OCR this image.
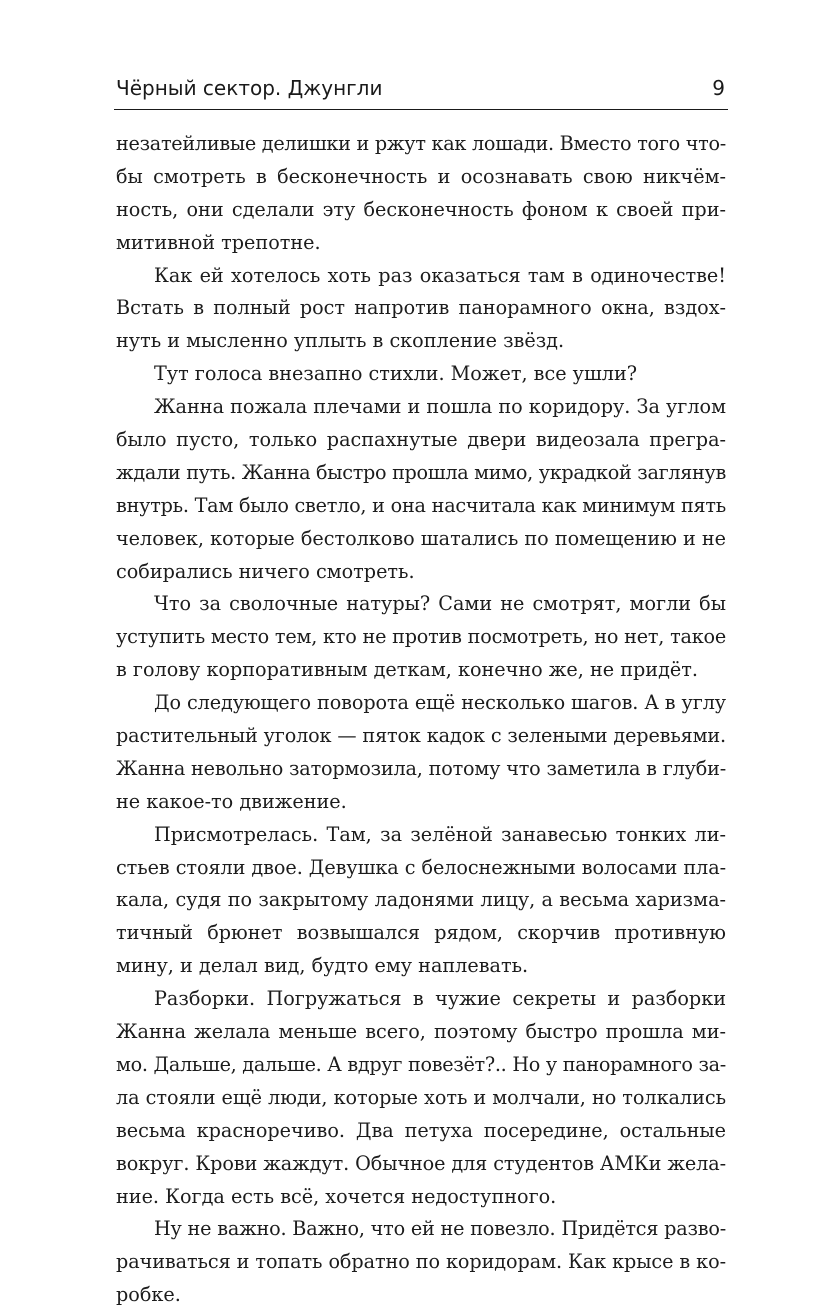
Чёрный сектор. Джунгли	9
незатейливые делишки и ржут как лошади. Вместо того что-
бы смотреть в бесконечность и осознавать свою никчём-
ность, они сделали эту бесконечность фоном к своей при-
митивной трепотне.
Как ей хотелось хоть раз оказаться там в одиночестве!
Встать в полный рост напротив панорамного окна, вздох-
нуть и мысленно уплыть в скопление звёзд.
Тут голоса внезапно стихли. Может, все ушли?
Жанна пожала плечами и пошла по коридору. За углом
было пусто, только распахнутые двери видеозала прегра-
ждали путь. Жанна быстро прошла мимо, украдкой заглянув
внутрь. Там было светло, и она насчитала как минимум пять
человек, которые бестолково шатались по помещению и не
собирались ничего смотреть.
Что за сволочные натуры? Сами не смотрят, могли бы
уступить место тем, кто не против посмотреть, но нет, такое
в голову корпоративным деткам, конечно же, не придёт.
До следующего поворота ещё несколько шагов. А в углу
растительный уголок — пяток кадок с зелеными деревьями.
Жанна невольно затормозила, потому что заметила в глуби-
не какое-то движение.
Присмотрелась. Там, за зелёной занавесью тонких ли-
стьев стояли двое. Девушка с белоснежными волосами пла-
кала, судя по закрытому ладонями лицу, а весьма харизма-
тичный брюнет возвышался рядом, скорчив противную
мину, и делал вид, будто ему наплевать.
Разборки. Погружаться в чужие секреты и разборки
Жанна желала меньше всего, поэтому быстро прошла ми-
мо. Дальше, дальше. А вдруг повезёт?.. Но у панорамного за-
ла стояли ещё люди, которые хоть и молчали, но толкались
весьма красноречиво. Два петуха посередине, остальные
вокруг. Крови жаждут. Обычное для студентов АМКи жела-
ние. Когда есть всё, хочется недоступного.
Ну не важно. Важно, что ей не повезло. Придётся разво-
рачиваться и топать обратно по коридорам. Как крысе в ко-
робке.
